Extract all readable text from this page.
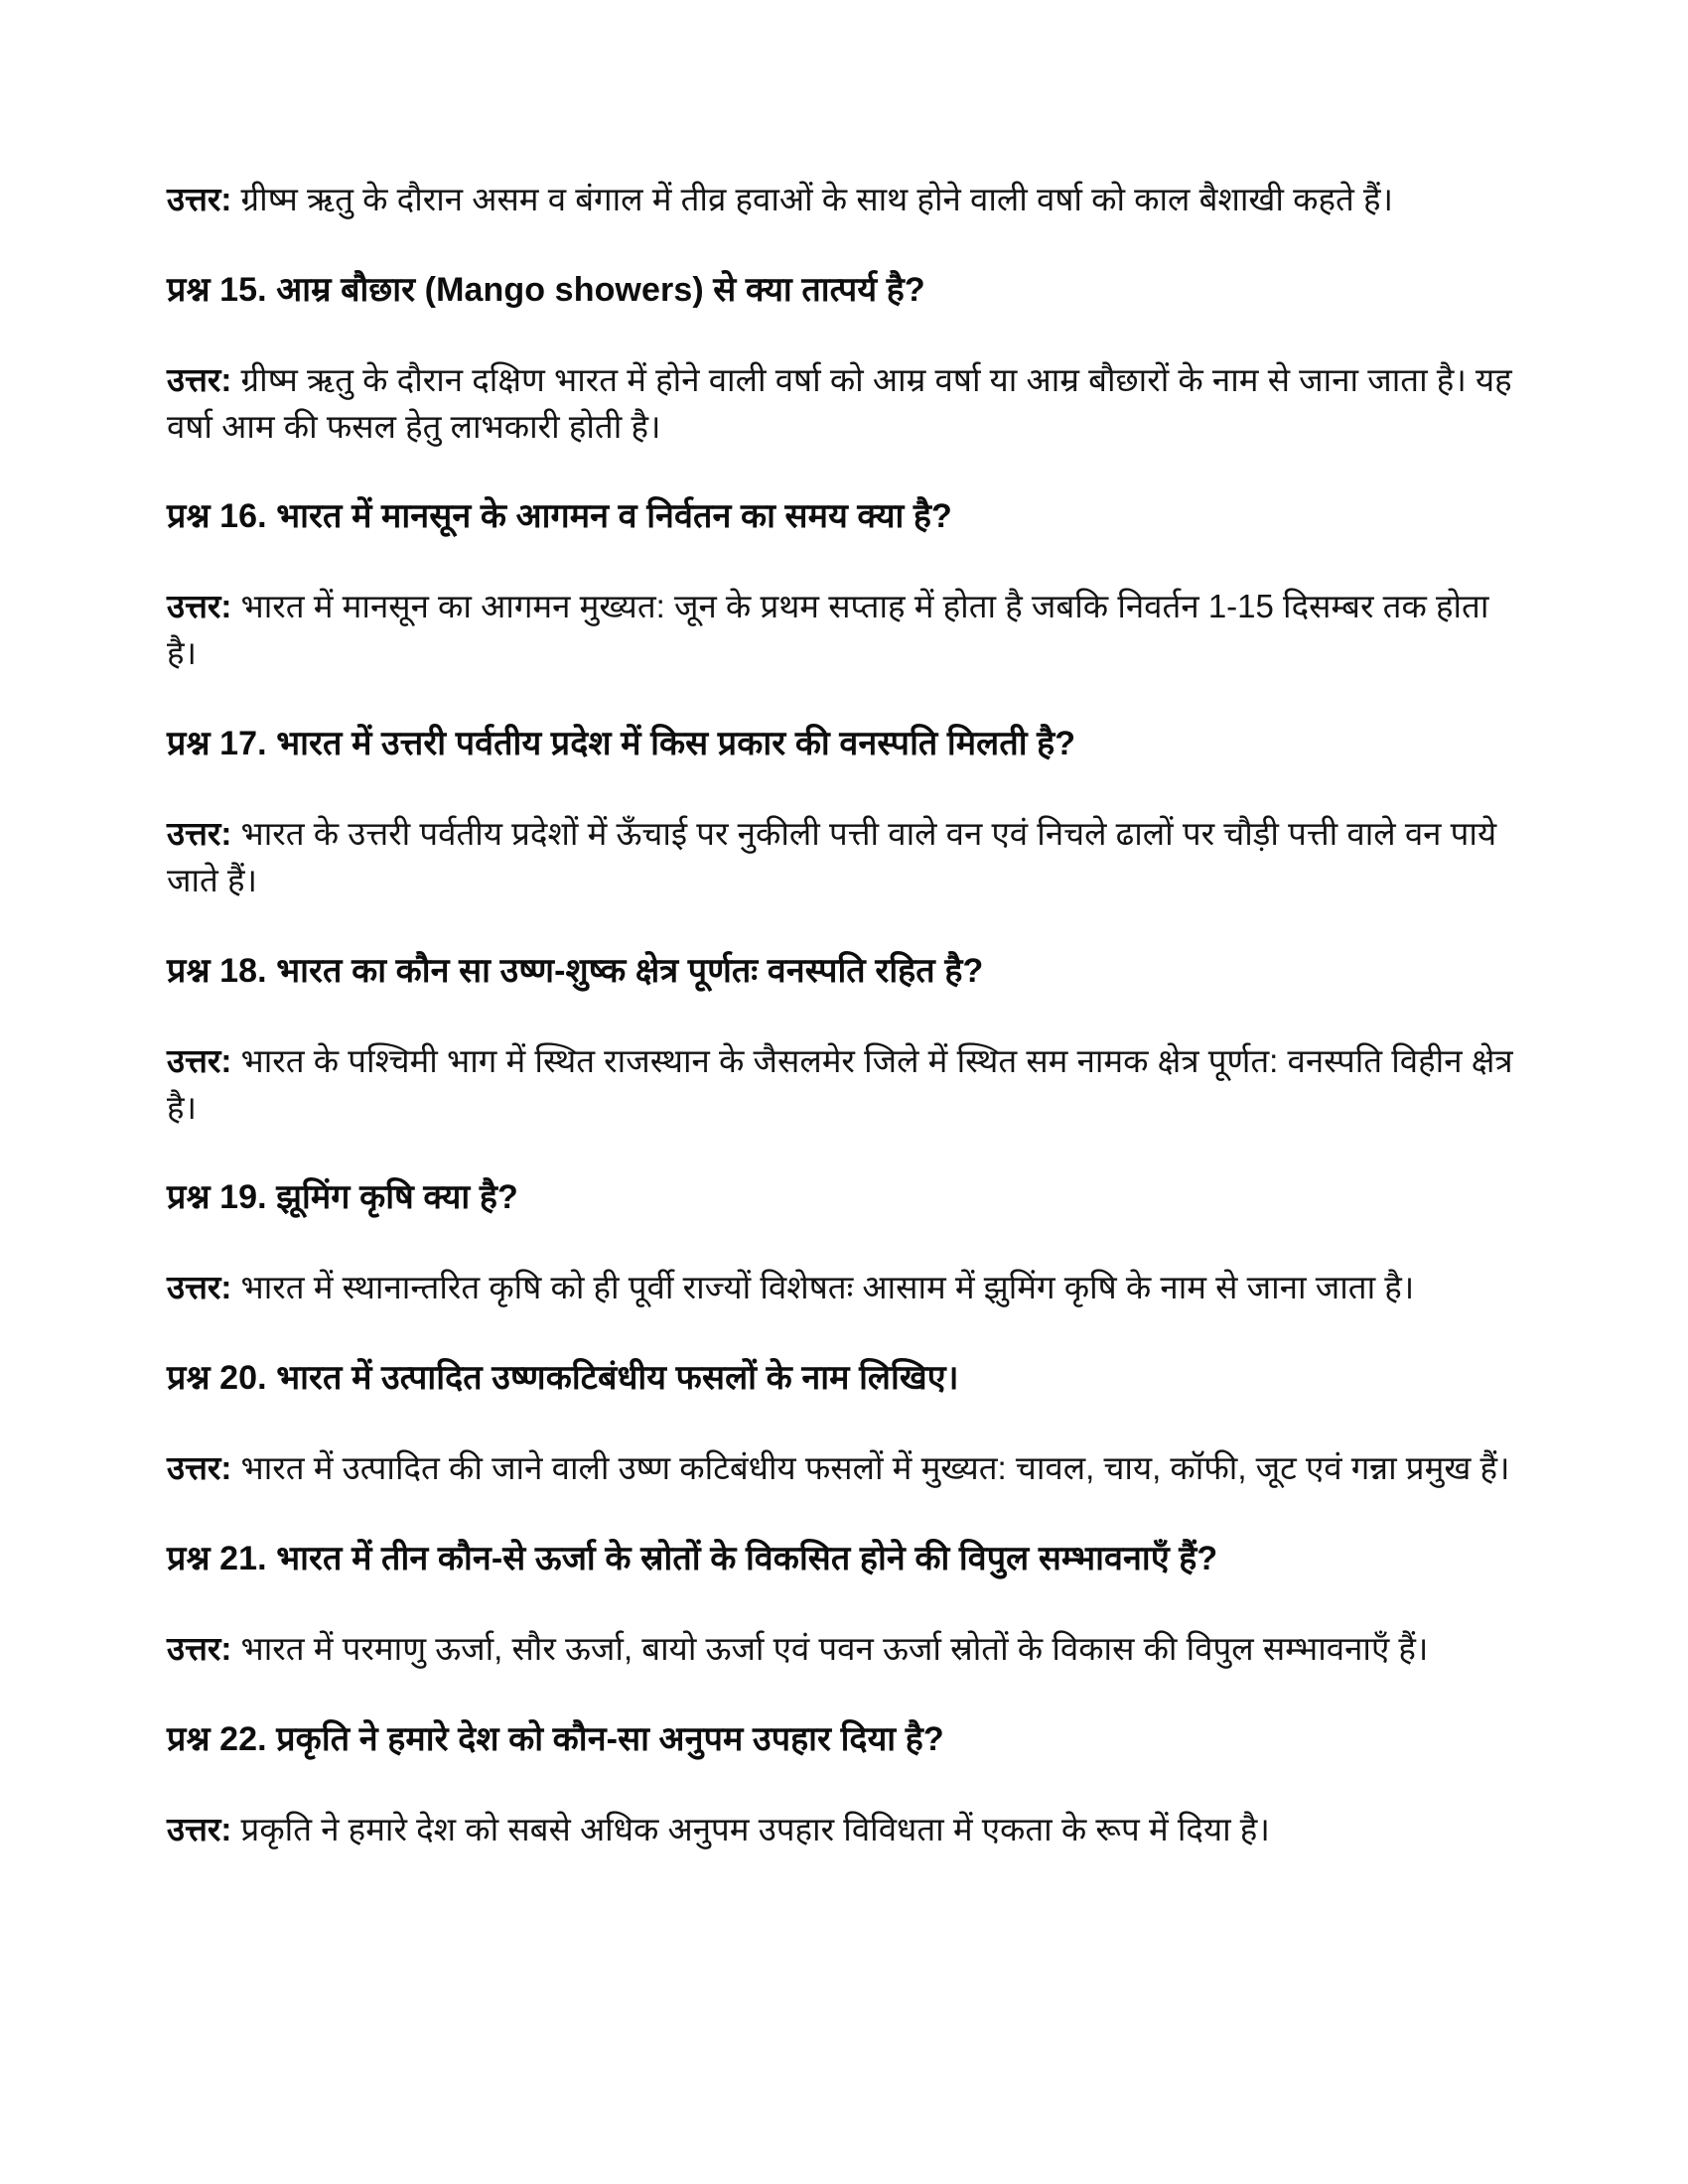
उत्तर: ग्रीष्म ऋतु के दौरान असम व बंगाल में तीव्र हवाओं के साथ होने वाली वर्षा को काल बैशाखी कहते हैं।

प्रश्न 15. आम्र बौछार (Mango showers) से क्या तात्पर्य है?

उत्तर: ग्रीष्म ऋतु के दौरान दक्षिण भारत में होने वाली वर्षा को आम्र वर्षा या आम्र बौछारों के नाम से जाना जाता है। यह वर्षा आम की फसल हेतु लाभकारी होती है।

प्रश्न 16. भारत में मानसून के आगमन व निर्वतन का समय क्या है?

उत्तर: भारत में मानसून का आगमन मुख्यत: जून के प्रथम सप्ताह में होता है जबकि निवर्तन 1-15 दिसम्बर तक होता है।

प्रश्न 17. भारत में उत्तरी पर्वतीय प्रदेश में किस प्रकार की वनस्पति मिलती है?

उत्तर: भारत के उत्तरी पर्वतीय प्रदेशों में ऊँचाई पर नुकीली पत्ती वाले वन एवं निचले ढालों पर चौड़ी पत्ती वाले वन पाये जाते हैं।

प्रश्न 18. भारत का कौन सा उष्ण-शुष्क क्षेत्र पूर्णतः वनस्पति रहित है?

उत्तर: भारत के पश्चिमी भाग में स्थित राजस्थान के जैसलमेर जिले में स्थित सम नामक क्षेत्र पूर्णत: वनस्पति विहीन क्षेत्र है।

प्रश्न 19. झूमिंग कृषि क्या है?

उत्तर: भारत में स्थानान्तरित कृषि को ही पूर्वी राज्यों विशेषतः आसाम में झुमिंग कृषि के नाम से जाना जाता है।

प्रश्न 20. भारत में उत्पादित उष्णकटिबंधीय फसलों के नाम लिखिए।

उत्तर: भारत में उत्पादित की जाने वाली उष्ण कटिबंधीय फसलों में मुख्यत: चावल, चाय, कॉफी, जूट एवं गन्ना प्रमुख हैं।

प्रश्न 21. भारत में तीन कौन-से ऊर्जा के स्रोतों के विकसित होने की विपुल सम्भावनाएँ हैं?

उत्तर: भारत में परमाणु ऊर्जा, सौर ऊर्जा, बायो ऊर्जा एवं पवन ऊर्जा स्रोतों के विकास की विपुल सम्भावनाएँ हैं।

प्रश्न 22. प्रकृति ने हमारे देश को कौन-सा अनुपम उपहार दिया है?

उत्तर: प्रकृति ने हमारे देश को सबसे अधिक अनुपम उपहार विविधता में एकता के रूप में दिया है।
